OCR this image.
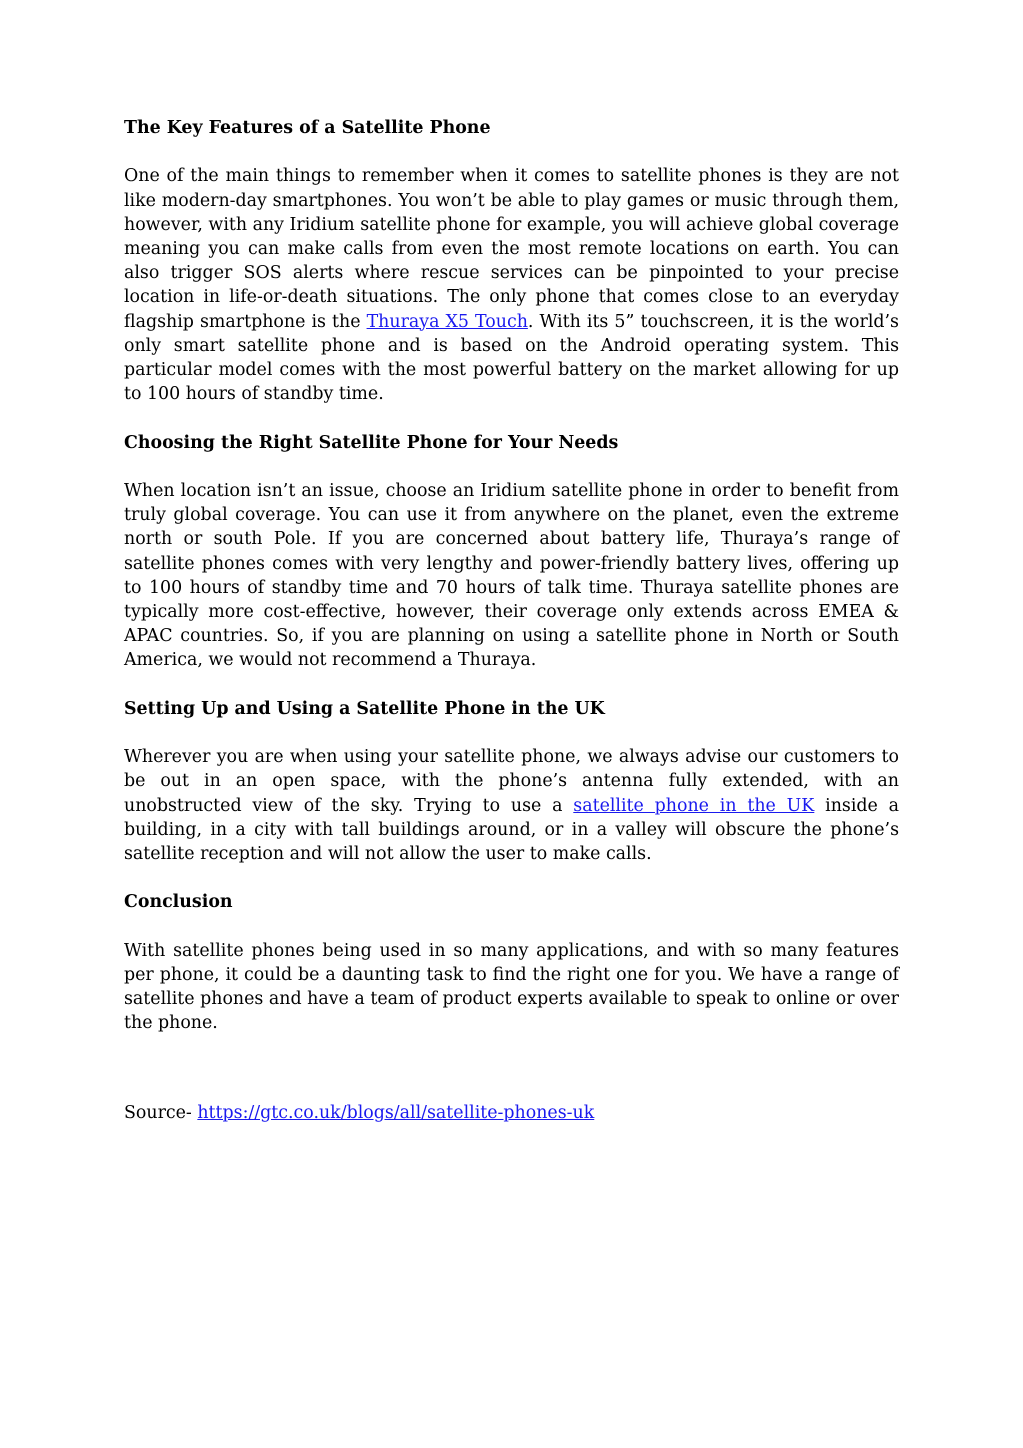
The Key Features of a Satellite Phone

One of the main things to remember when it comes to satellite phones is they are not like modern-day smartphones. You won’t be able to play games or music through them, however, with any Iridium satellite phone for example, you will achieve global coverage meaning you can make calls from even the most remote locations on earth. You can also trigger SOS alerts where rescue services can be pinpointed to your precise location in life-or-death situations. The only phone that comes close to an everyday flagship smartphone is the Thuraya X5 Touch. With its 5” touchscreen, it is the world’s only smart satellite phone and is based on the Android operating system. This particular model comes with the most powerful battery on the market allowing for up to 100 hours of standby time.

Choosing the Right Satellite Phone for Your Needs

When location isn’t an issue, choose an Iridium satellite phone in order to benefit from truly global coverage. You can use it from anywhere on the planet, even the extreme north or south Pole. If you are concerned about battery life, Thuraya’s range of satellite phones comes with very lengthy and power-friendly battery lives, offering up to 100 hours of standby time and 70 hours of talk time. Thuraya satellite phones are typically more cost-effective, however, their coverage only extends across EMEA & APAC countries. So, if you are planning on using a satellite phone in North or South America, we would not recommend a Thuraya.

Setting Up and Using a Satellite Phone in the UK

Wherever you are when using your satellite phone, we always advise our customers to be out in an open space, with the phone’s antenna fully extended, with an unobstructed view of the sky. Trying to use a satellite phone in the UK inside a building, in a city with tall buildings around, or in a valley will obscure the phone’s satellite reception and will not allow the user to make calls.

Conclusion

With satellite phones being used in so many applications, and with so many features per phone, it could be a daunting task to find the right one for you. We have a range of satellite phones and have a team of product experts available to speak to online or over the phone.

Source- https://gtc.co.uk/blogs/all/satellite-phones-uk
